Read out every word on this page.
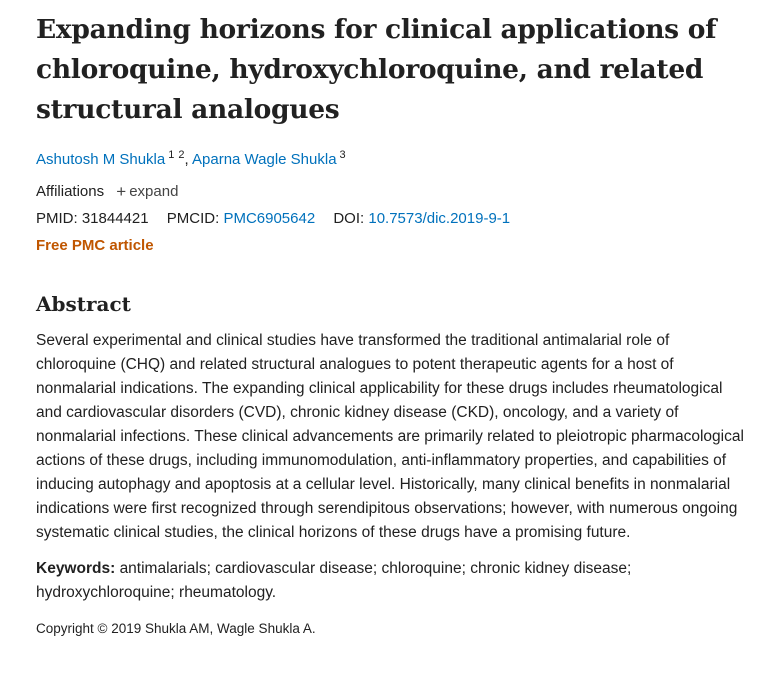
Expanding horizons for clinical applications of chloroquine, hydroxychloroquine, and related structural analogues
Ashutosh M Shukla $^1$ $^2$, Aparna Wagle Shukla $^3$
Affiliations + expand
PMID: 31844421 PMCID: PMC6905642 DOI: 10.7573/dic.2019-9-1
Free PMC article
Abstract

Several experimental and clinical studies have transformed the traditional antimalarial role of chloroquine (CHQ) and related structural analogues to potent therapeutic agents for a host of nonmalarial indications. The expanding clinical applicability for these drugs includes rheumatological and cardiovascular disorders (CVD), chronic kidney disease (CKD), oncology, and a variety of nonmalarial infections. These clinical advancements are primarily related to pleiotropic pharmacological actions of these drugs, including immunomodulation, anti-inflammatory properties, and capabilities of inducing autophagy and apoptosis at a cellular level. Historically, many clinical benefits in nonmalarial indications were first recognized through serendipitous observations; however, with numerous ongoing systematic clinical studies, the clinical horizons of these drugs have a promising future.

Keywords: antimalarials; cardiovascular disease; chloroquine; chronic kidney disease; hydroxychloroquine; rheumatology.

Copyright © 2019 Shukla AM, Wagle Shukla A.
